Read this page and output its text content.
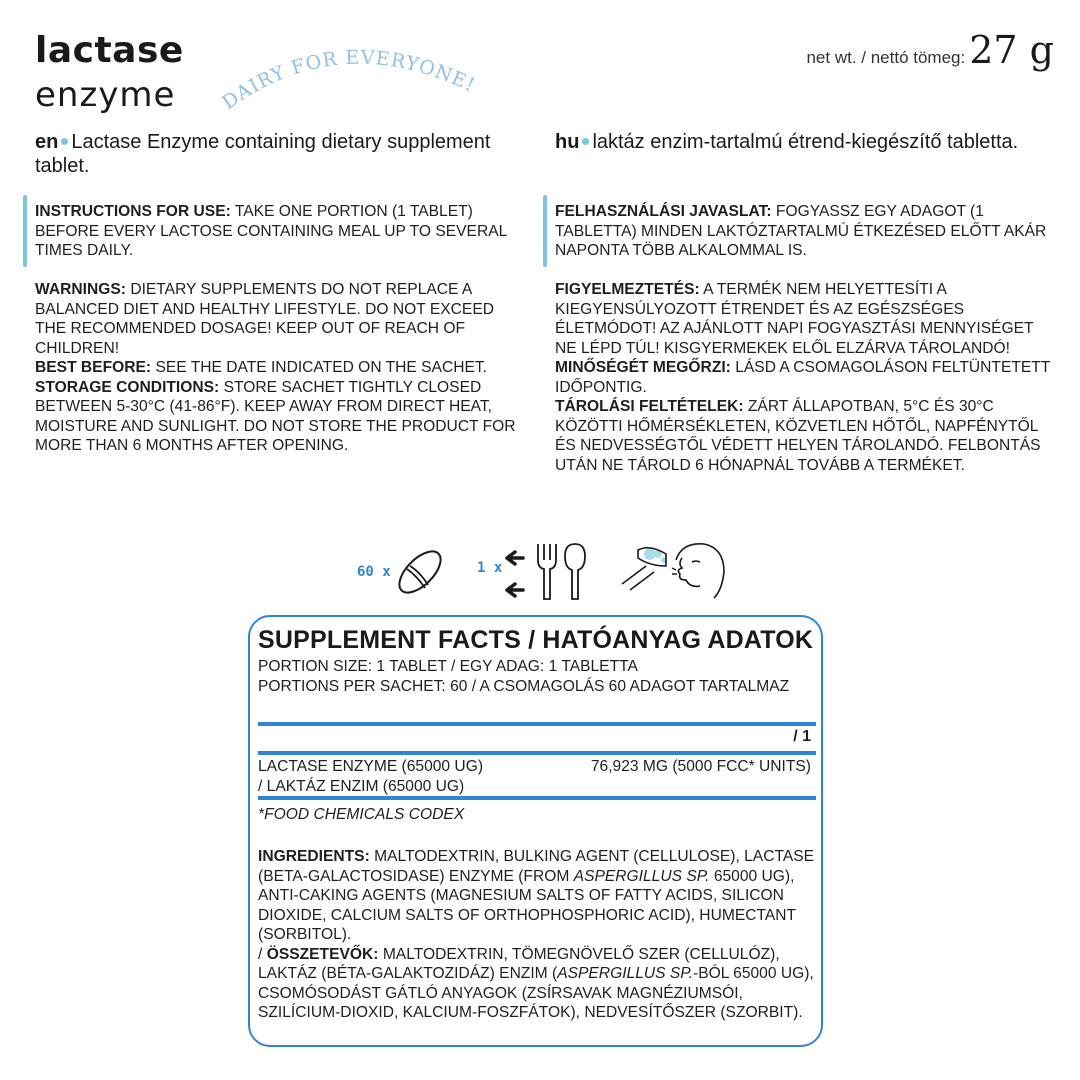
lactase
enzyme DAIRY FOR EVERYONE!
net wt. / nettó tömeg: 27 g
en Lactase Enzyme containing dietary supplement tablet.
hu laktáz enzim-tartalmú étrend-kiegészítő tabletta.
INSTRUCTIONS FOR USE: TAKE ONE PORTION (1 TABLET) BEFORE EVERY LACTOSE CONTAINING MEAL UP TO SEVERAL TIMES DAILY.
WARNINGS: DIETARY SUPPLEMENTS DO NOT REPLACE A BALANCED DIET AND HEALTHY LIFESTYLE. DO NOT EXCEED THE RECOMMENDED DOSAGE! KEEP OUT OF REACH OF CHILDREN!
BEST BEFORE: SEE THE DATE INDICATED ON THE SACHET.
STORAGE CONDITIONS: STORE SACHET TIGHTLY CLOSED BETWEEN 5-30°C (41-86°F). KEEP AWAY FROM DIRECT HEAT, MOISTURE AND SUNLIGHT. DO NOT STORE THE PRODUCT FOR MORE THAN 6 MONTHS AFTER OPENING.
FELHASZNÁLÁSI JAVASLAT: FOGYASSZ EGY ADAGOT (1 TABLETTA) MINDEN LAKTÓZTARTALMÚ ÉTKEZÉSED ELŐTT AKÁR NAPONTA TÖBB ALKALOMMAL IS.
FIGYELMEZTETÉS: A TERMÉK NEM HELYETTESÍTI A KIEGYENSÚLYOZOTT ÉTRENDET ÉS AZ EGÉSZSÉGES ÉLETMÓDOT! AZ AJÁNLOTT NAPI FOGYASZTÁSI MENNYISÉGET NE LÉPD TÚL! KISGYERMEKEK ELŐL ELZÁRVA TÁROLANDÓ!
MINŐSÉGÉT MEGŐRZI: LÁSD A CSOMAGOLÁSON FELTÜNTETETT IDŐPONTIG.
TÁROLÁSI FELTÉTELEK: ZÁRT ÁLLAPOTBAN, 5°C ÉS 30°C KÖZÖTTI HŐMÉRSÉKLETEN, KÖZVETLEN HŐTŐL, NAPFÉNYTŐL ÉS NEDVESSÉGTŐL VÉDETT HELYEN TÁROLANDÓ. FELBONTÁS UTÁN NE TÁROLD 6 HÓNAPNÁL TOVÁBB A TERMÉKET.
60 x	1 x
SUPPLEMENT FACTS / HATÓANYAG ADATOK
PORTION SIZE: 1 TABLET / EGY ADAG: 1 TABLETTA
PORTIONS PER SACHET: 60 / A CSOMAGOLÁS 60 ADAGOT TARTALMAZ
/ 1
LACTASE ENZYME (65000 UG)
/ LAKTÁZ ENZIM (65000 UG)
76,923 MG (5000 FCC* UNITS)
*FOOD CHEMICALS CODEX
INGREDIENTS: MALTODEXTRIN, BULKING AGENT (CELLULOSE), LACTASE (BETA-GALACTOSIDASE) ENZYME (FROM ASPERGILLUS SP. 65000 UG), ANTI-CAKING AGENTS (MAGNESIUM SALTS OF FATTY ACIDS, SILICON DIOXIDE, CALCIUM SALTS OF ORTHOPHOSPHORIC ACID), HUMECTANT (SORBITOL).
/ ÖSSZETEVŐK: MALTODEXTRIN, TÖMEGNÖVELŐ SZER (CELLULÓZ), LAKTÁZ (BÉTA-GALAKTOZIDÁZ) ENZIM (ASPERGILLUS SP.-BÓL 65000 UG), CSOMÓSODÁST GÁTLÓ ANYAGOK (ZSÍRSAVAK MAGNÉZIUMSÓI, SZILÍCIUM-DIOXID, KALCIUM-FOSZFÁTOK), NEDVESÍTŐSZER (SZORBIT).
